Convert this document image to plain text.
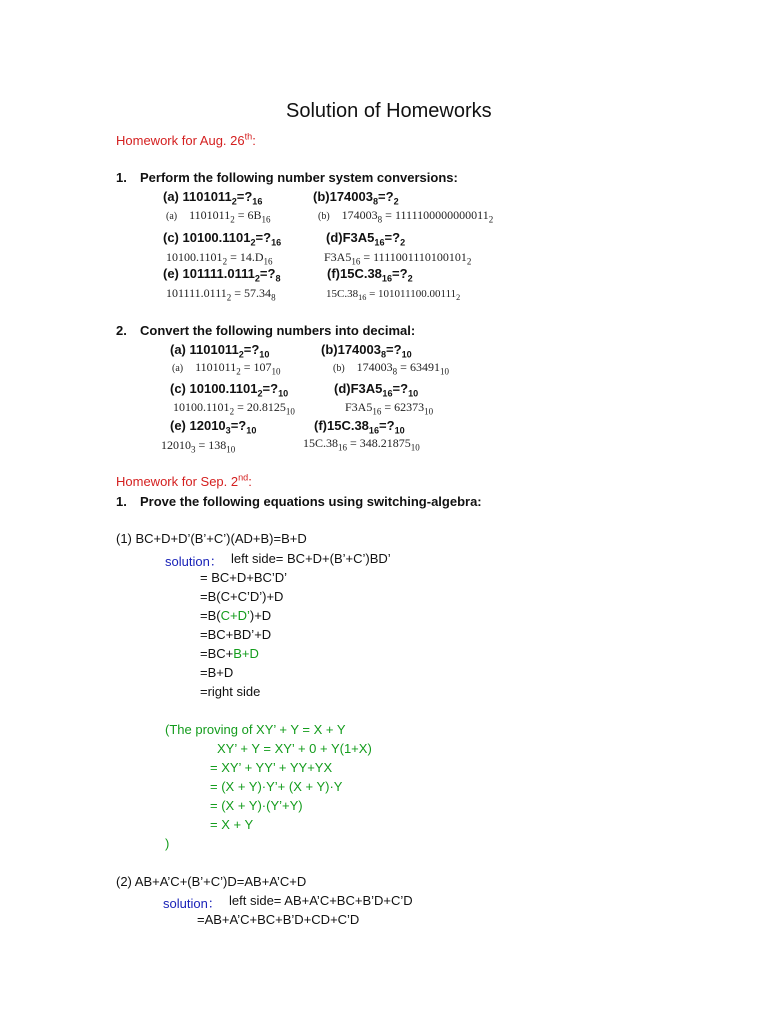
Solution of Homeworks
Homework for Aug. 26th:
1. Perform the following number system conversions:
(a) $1101011_2=?_{16}$	$(b)174003_8=?_2$
(a) $1101011_2 = 6B_{16}$	(b) $174003_8 = 1111100000000011_2$
(c) $10100.1101_2=?_{16}$	$(d)F3A5_{16}=?_2$
$10100.1101_2 = 14.D_{16}$	$F3A5_{16} = 1111001110100101_2$
(e) $101111.0111_2=?_8$	$(f)15C.38_{16}=?_2$
$101111.0111_2 = 57.34_8$	$15C.38_{16} = 101011100.00111_2$
2. Convert the following numbers into decimal:
(a) $1101011_2=?_{10}$	$(b)174003_8=?_{10}$
(a) $1101011_2 = 107_{10}$	(b) $174003_8 = 63491_{10}$
(c) $10100.1101_2=?_{10}$	$(d)F3A5_{16}=?_{10}$
$10100.1101_2 = 20.8125_{10}$	$F3A5_{16} = 62373_{10}$
(e) $12010_3=?_{10}$	$(f)15C.38_{16}=?_{10}$
$12010_3 = 138_{10}$	$15C.38_{16} = 348.21875_{10}$
Homework for Sep. 2nd:
1. Prove the following equations using switching-algebra:
(1) BC+D+D’(B’+C’)(AD+B)=B+D
solution： left side= BC+D+(B’+C’)BD’
= BC+D+BC’D’
=B(C+C’D’)+D
=B(C+D’)+D
=BC+BD’+D
=BC+B+D
=B+D
=right side
(The proving of XY’ + Y = X + Y
XY’ + Y = XY’ + 0 + Y(1+X)
= XY’ + YY’ + YY+YX
= (X + Y)·Y’+ (X + Y)·Y
= (X + Y)·(Y’+Y)
= X + Y
)
(2) AB+A’C+(B’+C’)D=AB+A’C+D
solution： left side= AB+A’C+BC+B’D+C’D
=AB+A’C+BC+B’D+CD+C’D
